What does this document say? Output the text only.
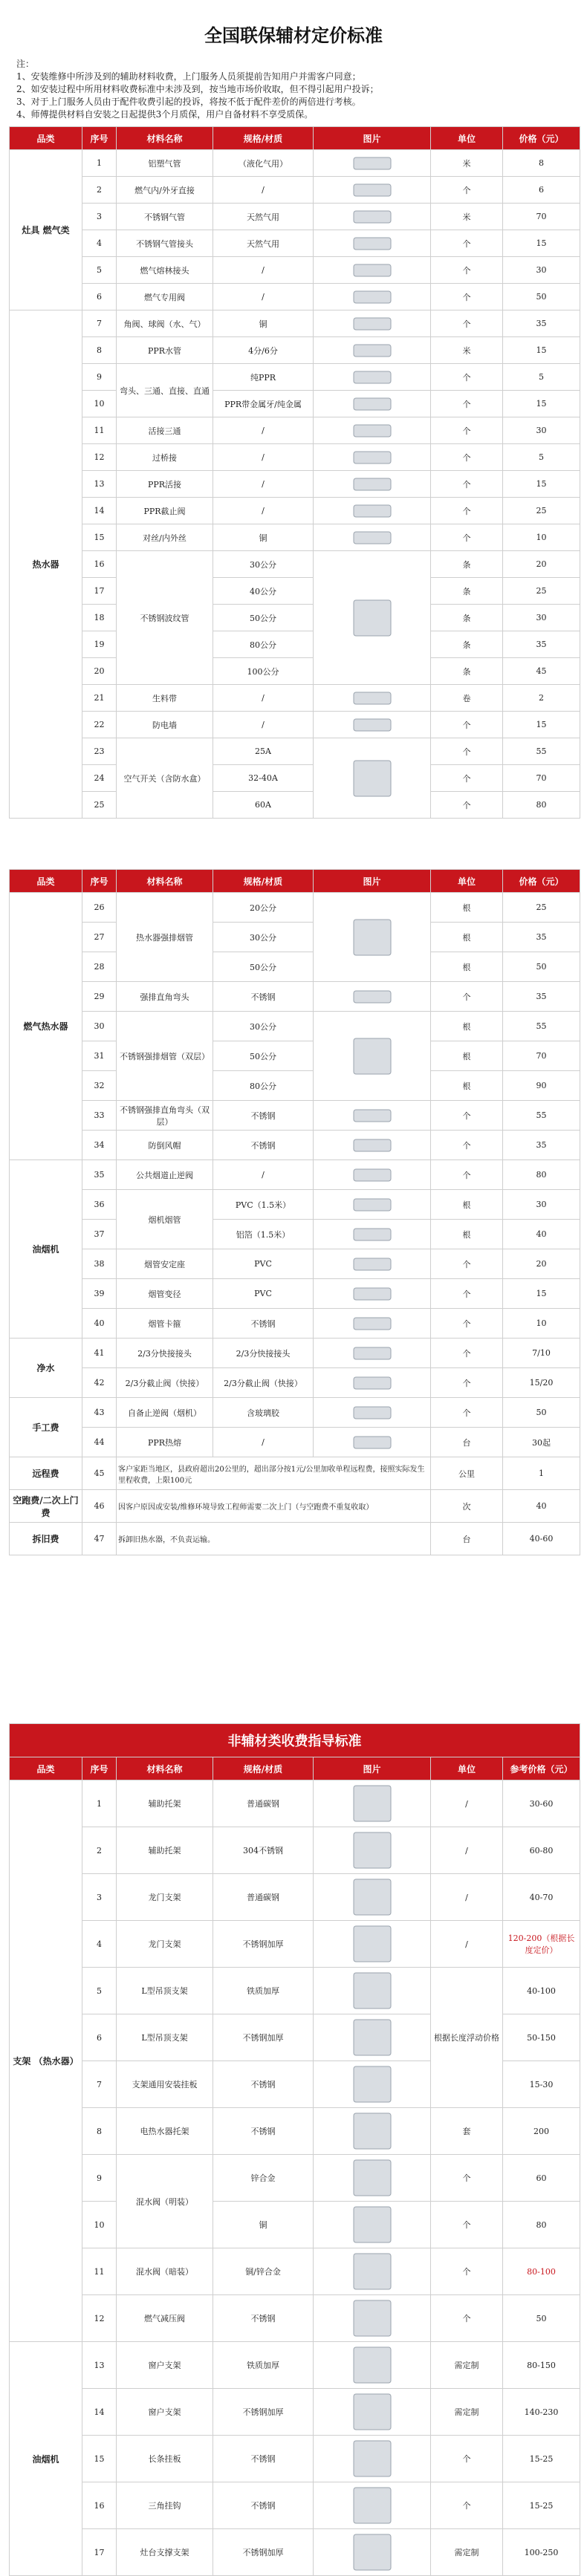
全国联保辅材定价标准
注：
1、安装维修中所涉及到的辅助材料收费，上门服务人员须提前告知用户并需客户同意；
2、如安装过程中所用材料收费标准中未涉及到，按当地市场价收取，但不得引起用户投诉；
3、对于上门服务人员由于配件收费引起的投诉，将按不低于配件差价的两倍进行考核。
4、师傅提供材料自安装之日起提供3个月质保，用户自备材料不享受质保。
品类	序号	材料名称	规格/材质	图片	单位	价格（元）
灶具 燃气类	1	铝塑气管	（液化气用）		米	8
	2	燃气内/外牙直接	/		个	6
	3	不锈钢气管	天然气用		米	70
	4	不锈钢气管接头	天然气用		个	15
	5	燃气熔林接头	/		个	30
	6	燃气专用阀	/		个	50
热水器	7	角阀、球阀（水、气）	铜		个	35
	8	PPR水管	4分/6分		米	15
	9	弯头、三通、直接、直通	纯PPR		个	5
	10		PPR带金属牙/纯金属		个	15
	11	活接三通	/		个	30
	12	过桥接	/		个	5
	13	PPR活接	/		个	15
	14	PPR截止阀	/		个	25
	15	对丝/内外丝	铜		个	10
	16	不锈钢波纹管	30公分		条	20
	17		40公分		条	25
	18		50公分		条	30
	19		80公分		条	35
	20		100公分		条	45
	21	生料带	/		卷	2
	22	防电墙	/		个	15
	23	空气开关（含防水盒）	25A		个	55
	24		32-40A		个	70
	25		60A		个	80
品类	序号	材料名称	规格/材质	图片	单位	价格（元）
燃气热水器	26	热水器强排烟管	20公分		根	25
	27		30公分		根	35
	28		50公分		根	50
	29	强排直角弯头	不锈钢		个	35
	30	不锈钢强排烟管（双层）	30公分		根	55
	31		50公分		根	70
	32		80公分		根	90
	33	不锈钢强排直角弯头（双层）	不锈钢		个	55
	34	防倒风帽	不锈钢		个	35
油烟机	35	公共烟道止逆阀	/		个	80
	36	烟机烟管	PVC（1.5米）		根	30
	37		铝箔（1.5米）		根	40
	38	烟管安定座	PVC		个	20
	39	烟管变径	PVC		个	15
	40	烟管卡箍	不锈钢		个	10
净水	41	2/3分快接接头	2/3分快接接头		个	7/10
	42	2/3分截止阀（快接）	2/3分截止阀（快接）		个	15/20
手工费	43	自备止逆阀（烟机）	含玻璃胶		个	50
	44	PPR热熔	/		台	30起
远程费	45	客户家距当地区，县政府超出20公里的，超出部分按1元/公里加收单程远程费，接照实际发生里程收费，上限100元			公里	1
空跑费/二次上门费	46	因客户原因或安装/维修环境导致工程师需要二次上门（与空跑费不重复收取）			次	40
拆旧费	47	拆卸旧热水器，不负责运输。			台	40-60
非辅材类收费指导标准						
品类	序号	材料名称	规格/材质	图片	单位	参考价格（元）
支架 （热水器）	1	辅助托架	普通碳钢		/	30-60
	2	辅助托架	304不锈钢		/	60-80
	3	龙门支架	普通碳钢		/	40-70
	4	龙门支架	不锈钢加厚		/	120-200（根据长度定价）
	5	L型吊顶支架	铁质加厚		根据长度浮动价格	40-100
	6	L型吊顶支架	不锈钢加厚			50-150
	7	支架通用安装挂板	不锈钢			15-30
	8	电热水器托架	不锈钢		套	200
	9	混水阀（明装）	锌合金		个	60
	10		铜		个	80
	11	混水阀（暗装）	铜/锌合金		个	80-100
	12	燃气减压阀	不锈钢		个	50
油烟机	13	窗户支架	铁质加厚		需定制	80-150
	14	窗户支架	不锈钢加厚		需定制	140-230
	15	长条挂板	不锈钢		个	15-25
	16	三角挂钩	不锈钢		个	15-25
	17	灶台支撑支架	不锈钢加厚		需定制	100-250
